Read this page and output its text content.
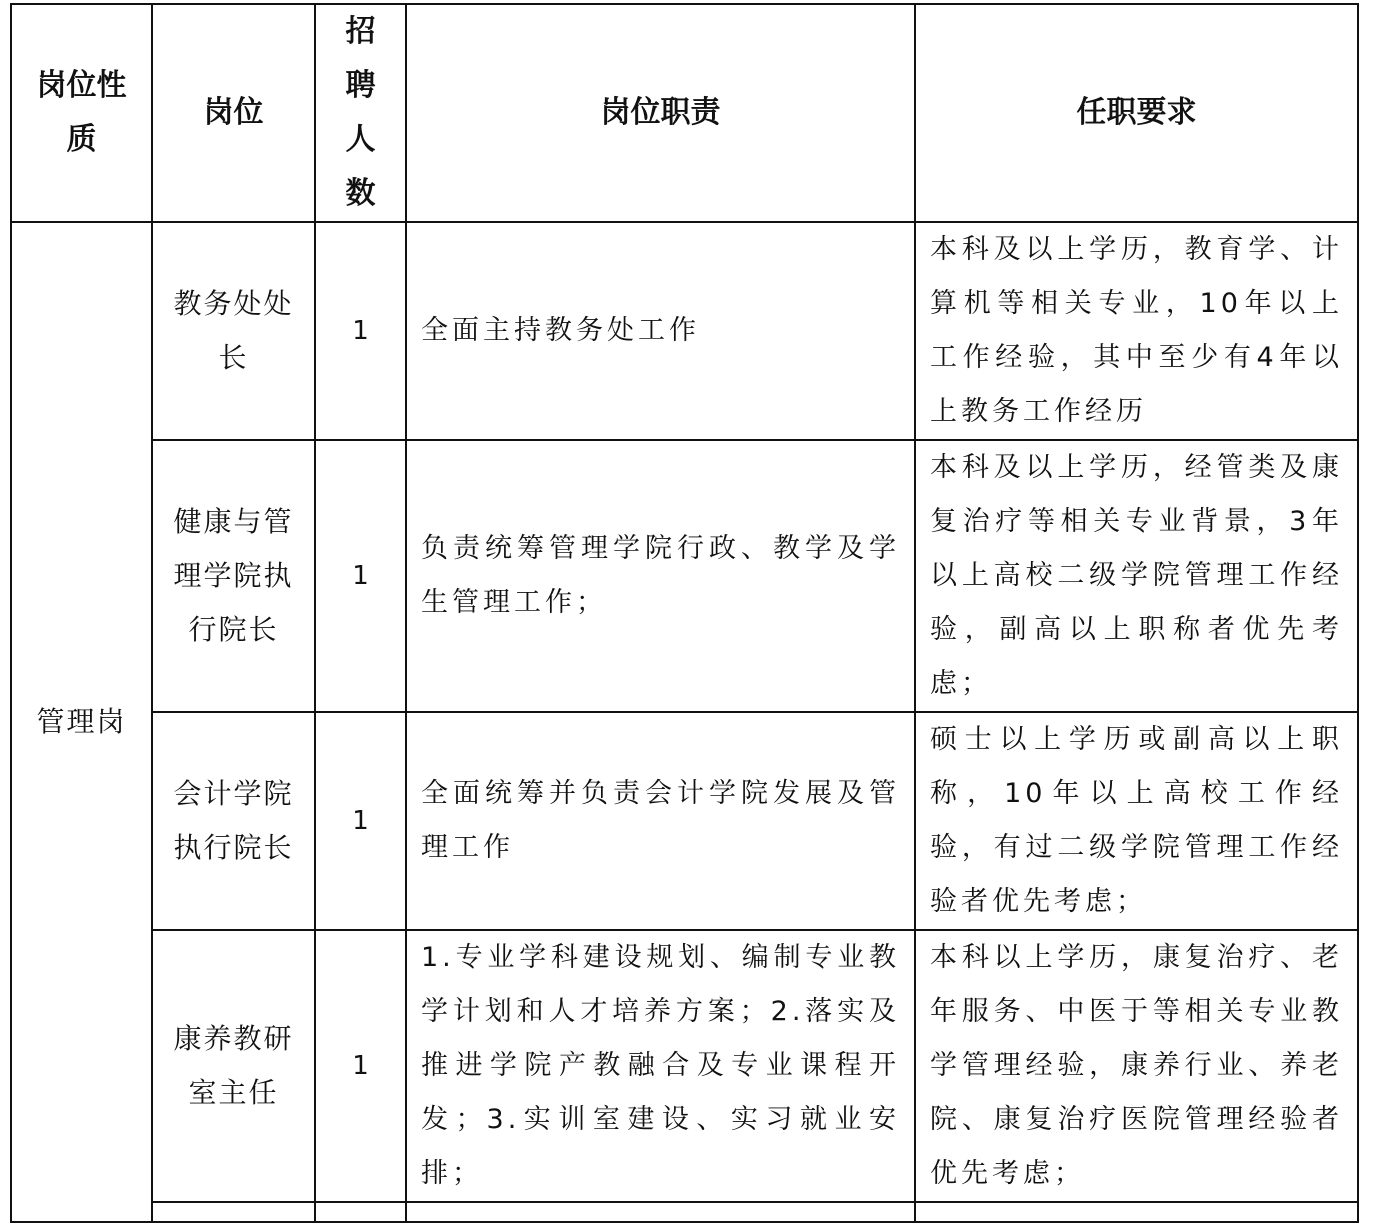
岗位性质	岗位	招聘人数	岗位职责	任职要求
管理岗	教务处处长	1	全面主持教务处工作	本科及以上学历，教育学、计算机等相关专业，10年以上工作经验，其中至少有4年以上教务工作经历
	健康与管理学院执行院长	1	负责统筹管理学院行政、教学及学生管理工作；	本科及以上学历，经管类及康复治疗等相关专业背景，3年以上高校二级学院管理工作经验，副高以上职称者优先考虑；
	会计学院执行院长	1	全面统筹并负责会计学院发展及管理工作	硕士以上学历或副高以上职称，10年以上高校工作经验，有过二级学院管理工作经验者优先考虑；
	康养教研室主任	1	1.专业学科建设规划、编制专业教学计划和人才培养方案；2.落实及推进学院产教融合及专业课程开发；3.实训室建设、实习就业安排；	本科以上学历，康复治疗、老年服务、中医于等相关专业教学管理经验，康养行业、养老院、康复治疗医院管理经验者优先考虑；
